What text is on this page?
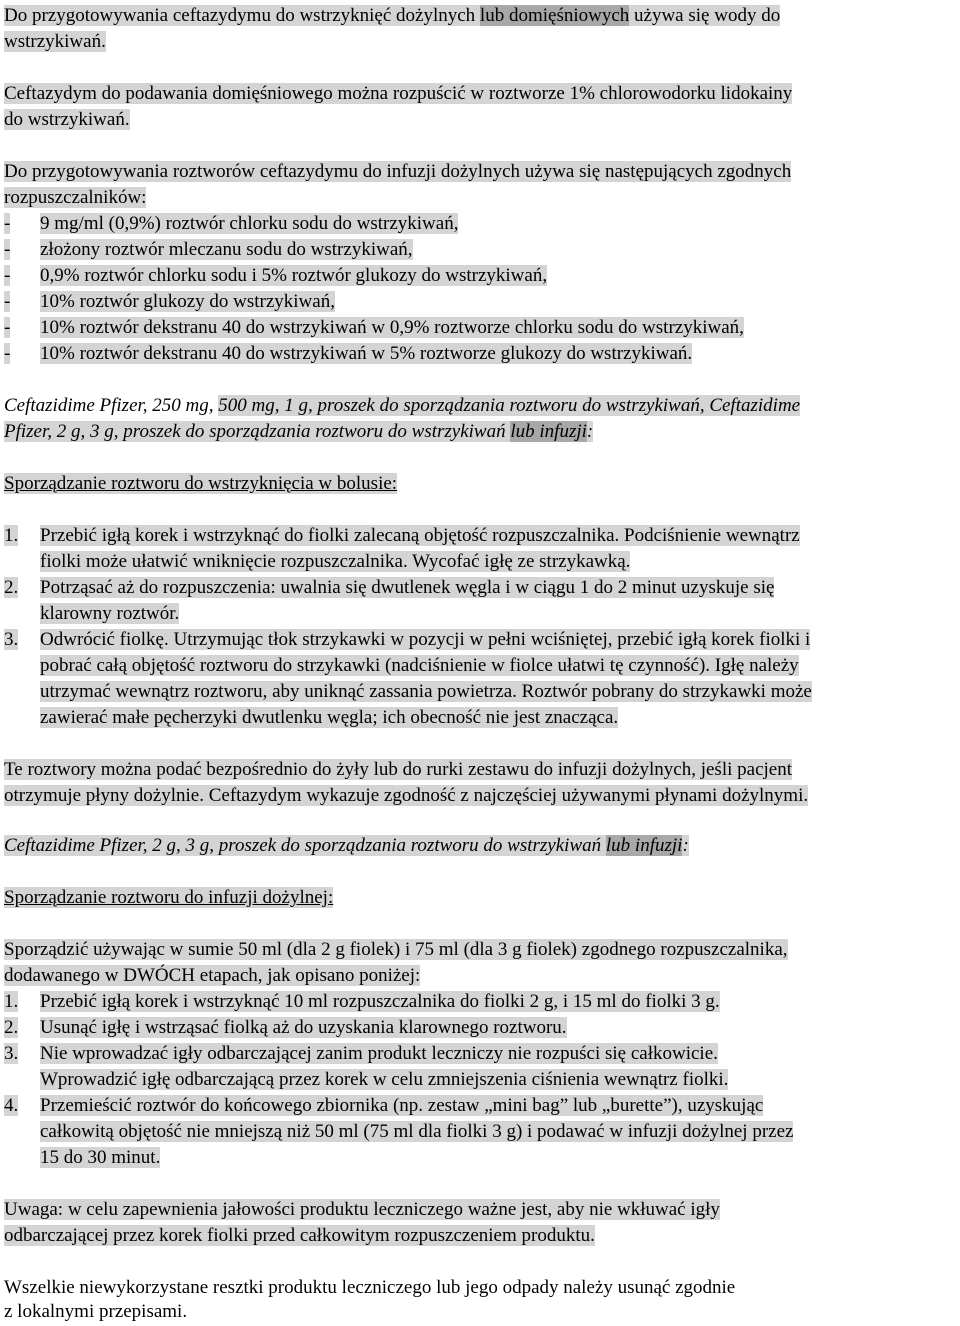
Do przygotowywania ceftazydymu do wstrzyknięć dożylnych lub domięśniowych używa się wody do
wstrzykiwań.
Ceftazydym do podawania domięśniowego można rozpuścić w roztworze 1% chlorowodorku lidokainy
do wstrzykiwań.
Do przygotowywania roztworów ceftazydymu do infuzji dożylnych używa się następujących zgodnych
rozpuszczalników:
- 9 mg/ml (0,9%) roztwór chlorku sodu do wstrzykiwań,
- złożony roztwór mleczanu sodu do wstrzykiwań,
- 0,9% roztwór chlorku sodu i 5% roztwór glukozy do wstrzykiwań,
- 10% roztwór glukozy do wstrzykiwań,
- 10% roztwór dekstranu 40 do wstrzykiwań w 0,9% roztworze chlorku sodu do wstrzykiwań,
- 10% roztwór dekstranu 40 do wstrzykiwań w 5% roztworze glukozy do wstrzykiwań.
Ceftazidime Pfizer, 250 mg, 500 mg, 1 g, proszek do sporządzania roztworu do wstrzykiwań, Ceftazidime
Pfizer, 2 g, 3 g, proszek do sporządzania roztworu do wstrzykiwań lub infuzji:
Sporządzanie roztworu do wstrzyknięcia w bolusie:
1. Przebić igłą korek i wstrzyknąć do fiolki zalecaną objętość rozpuszczalnika. Podciśnienie wewnątrz
fiolki może ułatwić wniknięcie rozpuszczalnika. Wycofać igłę ze strzykawką.
2. Potrząsać aż do rozpuszczenia: uwalnia się dwutlenek węgla i w ciągu 1 do 2 minut uzyskuje się
klarowny roztwór.
3. Odwrócić fiolkę. Utrzymując tłok strzykawki w pozycji w pełni wciśniętej, przebić igłą korek fiolki i
pobrać całą objętość roztworu do strzykawki (nadciśnienie w fiolce ułatwi tę czynność). Igłę należy
utrzymać wewnątrz roztworu, aby uniknąć zassania powietrza. Roztwór pobrany do strzykawki może
zawierać małe pęcherzyki dwutlenku węgla; ich obecność nie jest znacząca.
Te roztwory można podać bezpośrednio do żyły lub do rurki zestawu do infuzji dożylnych, jeśli pacjent
otrzymuje płyny dożylnie. Ceftazydym wykazuje zgodność z najczęściej używanymi płynami dożylnymi.
Ceftazidime Pfizer, 2 g, 3 g, proszek do sporządzania roztworu do wstrzykiwań lub infuzji:
Sporządzanie roztworu do infuzji dożylnej:
Sporządzić używając w sumie 50 ml (dla 2 g fiolek) i 75 ml (dla 3 g fiolek) zgodnego rozpuszczalnika,
dodawanego w DWÓCH etapach, jak opisano poniżej:
1. Przebić igłą korek i wstrzyknąć 10 ml rozpuszczalnika do fiolki 2 g, i 15 ml do fiolki 3 g.
2. Usunąć igłę i wstrząsać fiolką aż do uzyskania klarownego roztworu.
3. Nie wprowadzać igły odbarczającej zanim produkt leczniczy nie rozpuści się całkowicie.
Wprowadzić igłę odbarczającą przez korek w celu zmniejszenia ciśnienia wewnątrz fiolki.
4. Przemieścić roztwór do końcowego zbiornika (np. zestaw „mini bag” lub „burette”), uzyskując
całkowitą objętość nie mniejszą niż 50 ml (75 ml dla fiolki 3 g) i podawać w infuzji dożylnej przez
15 do 30 minut.
Uwaga: w celu zapewnienia jałowości produktu leczniczego ważne jest, aby nie wkłuwać igły
odbarczającej przez korek fiolki przed całkowitym rozpuszczeniem produktu.
Wszelkie niewykorzystane resztki produktu leczniczego lub jego odpady należy usunąć zgodnie
z lokalnymi przepisami.
